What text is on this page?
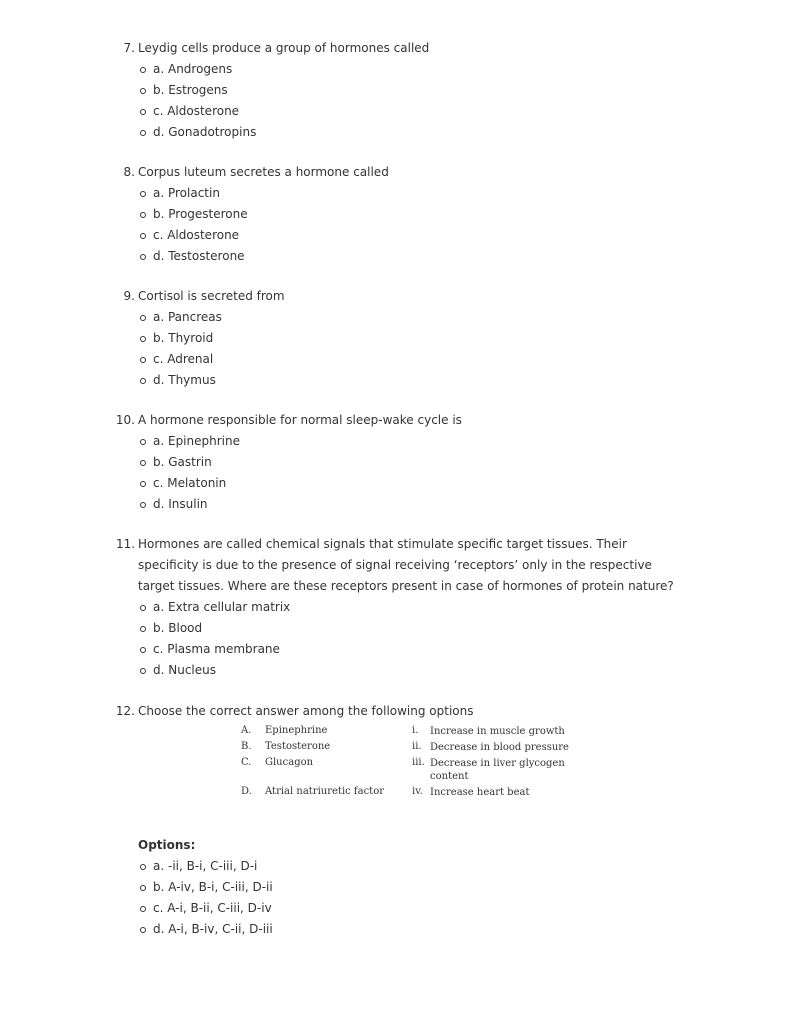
7. Leydig cells produce a group of hormones called
a. Androgens
b. Estrogens
c. Aldosterone
d. Gonadotropins
8. Corpus luteum secretes a hormone called
a. Prolactin
b. Progesterone
c. Aldosterone
d. Testosterone
9. Cortisol is secreted from
a. Pancreas
b. Thyroid
c. Adrenal
d. Thymus
10. A hormone responsible for normal sleep-wake cycle is
a. Epinephrine
b. Gastrin
c. Melatonin
d. Insulin
11. Hormones are called chemical signals that stimulate specific target tissues. Their specificity is due to the presence of signal receiving ‘receptors’ only in the respective target tissues. Where are these receptors present in case of hormones of protein nature?
a. Extra cellular matrix
b. Blood
c. Plasma membrane
d. Nucleus
12. Choose the correct answer among the following options
A. Epinephrine	i. Increase in muscle growth
B. Testosterone	ii. Decrease in blood pressure
C. Glucagon	iii. Decrease in liver glycogen content
D. Atrial natriuretic factor	iv. Increase heart beat
Options:
a. -ii, B-i, C-iii, D-i
b. A-iv, B-i, C-iii, D-ii
c. A-i, B-ii, C-iii, D-iv
d. A-i, B-iv, C-ii, D-iii
